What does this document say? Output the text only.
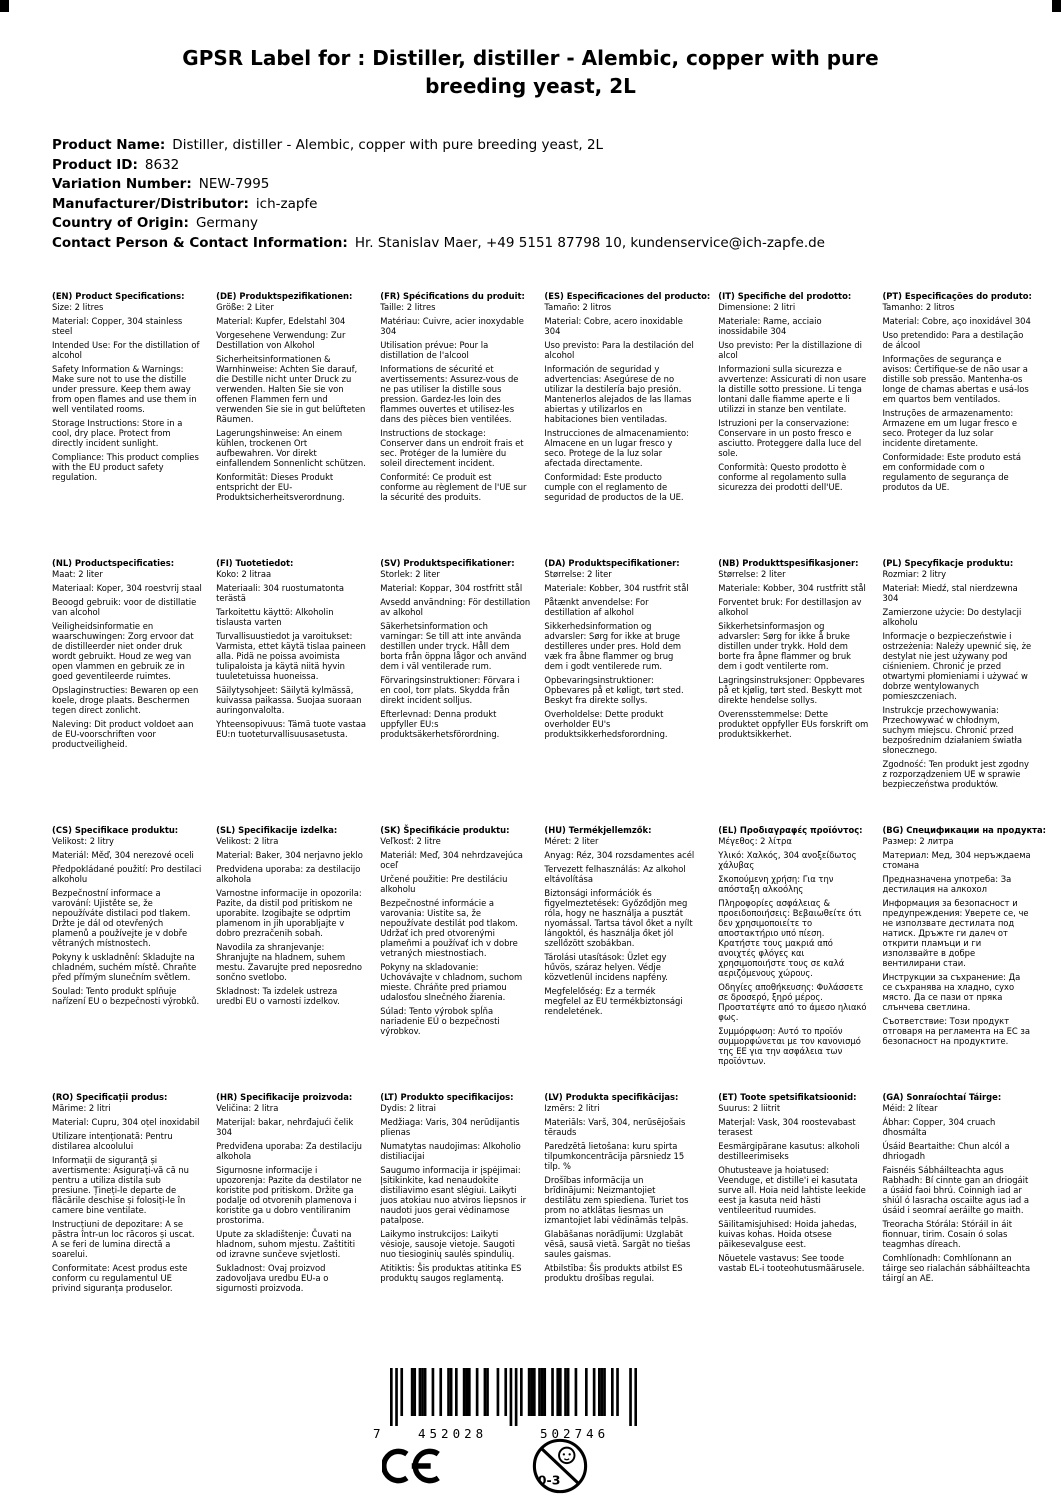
GPSR Label for : Distiller, distiller - Alembic, copper with pure breeding yeast, 2L
Product Name: Distiller, distiller - Alembic, copper with pure breeding yeast, 2L
Product ID: 8632
Variation Number: NEW-7995
Manufacturer/Distributor: ich-zapfe
Country of Origin: Germany
Contact Person & Contact Information: Hr. Stanislav Maer, +49 5151 87798 10, kundenservice@ich-zapfe.de
(EN) Product Specifications:

Size: 2 litres

Material: Copper, 304 stainless steel

Intended Use: For the distillation of alcohol

Safety Information & Warnings: Make sure not to use the distille under pressure. Keep them away from open flames and use them in well ventilated rooms.

Storage Instructions: Store in a cool, dry place. Protect from directly incident sunlight.

Compliance: This product complies with the EU product safety regulation.

(DE) Produktspezifikationen:

Größe: 2 Liter

Material: Kupfer, Edelstahl 304

Vorgesehene Verwendung: Zur Destillation von Alkohol

Sicherheitsinformationen & Warnhinweise: Achten Sie darauf, die Destille nicht unter Druck zu verwenden. Halten Sie sie von offenen Flammen fern und verwenden Sie sie in gut belüfteten Räumen.

Lagerungshinweise: An einem kühlen, trockenen Ort aufbewahren. Vor direkt einfallendem Sonnenlicht schützen.

Konformität: Dieses Produkt entspricht der EU-Produktsicherheitsverordnung.

(FR) Spécifications du produit:

Taille: 2 litres

Matériau: Cuivre, acier inoxydable 304

Utilisation prévue: Pour la distillation de l'alcool

Informations de sécurité et avertissements: Assurez-vous de ne pas utiliser la distille sous pression. Gardez-les loin des flammes ouvertes et utilisez-les dans des pièces bien ventilées.

Instructions de stockage: Conserver dans un endroit frais et sec. Protéger de la lumière du soleil directement incident.

Conformité: Ce produit est conforme au règlement de l'UE sur la sécurité des produits.

(ES) Especificaciones del producto:

Tamaño: 2 litros

Material: Cobre, acero inoxidable 304

Uso previsto: Para la destilación del alcohol

Información de seguridad y advertencias: Asegúrese de no utilizar la destilería bajo presión. Mantenerlos alejados de las llamas abiertas y utilizarlos en habitaciones bien ventiladas.

Instrucciones de almacenamiento: Almacene en un lugar fresco y seco. Protege de la luz solar afectada directamente.

Conformidad: Este producto cumple con el reglamento de seguridad de productos de la UE.

(IT) Specifiche del prodotto:

Dimensione: 2 litri

Materiale: Rame, acciaio inossidabile 304

Uso previsto: Per la distillazione di alcol

Informazioni sulla sicurezza e avvertenze: Assicurati di non usare la distille sotto pressione. Li tenga lontani dalle fiamme aperte e li utilizzi in stanze ben ventilate.

Istruzioni per la conservazione: Conservare in un posto fresco e asciutto. Proteggere dalla luce del sole.

Conformità: Questo prodotto è conforme al regolamento sulla sicurezza dei prodotti dell'UE.

(PT) Especificações do produto:

Tamanho: 2 litros

Material: Cobre, aço inoxidável 304

Uso pretendido: Para a destilação de álcool

Informações de segurança e avisos: Certifique-se de não usar a distille sob pressão. Mantenha-os longe de chamas abertas e usá-los em quartos bem ventilados.

Instruções de armazenamento: Armazene em um lugar fresco e seco. Proteger da luz solar incidente diretamente.

Conformidade: Este produto está em conformidade com o regulamento de segurança de produtos da UE.

(NL) Productspecificaties:

Maat: 2 liter

Materiaal: Koper, 304 roestvrij staal

Beoogd gebruik: voor de distillatie van alcohol

Veiligheidsinformatie en waarschuwingen: Zorg ervoor dat de distilleerder niet onder druk wordt gebruikt. Houd ze weg van open vlammen en gebruik ze in goed geventileerde ruimtes.

Opslaginstructies: Bewaren op een koele, droge plaats. Beschermen tegen direct zonlicht.

Naleving: Dit product voldoet aan de EU-voorschriften voor productveiligheid.

(FI) Tuotetiedot:

Koko: 2 litraa

Materiaali: 304 ruostumatonta terästä

Tarkoitettu käyttö: Alkoholin tislausta varten

Turvallisuustiedot ja varoitukset: Varmista, ettet käytä tislaa paineen alla. Pidä ne poissa avoimista tulipaloista ja käytä niitä hyvin tuuletetuissa huoneissa.

Säilytysohjeet: Säilytä kylmässä, kuivassa paikassa. Suojaa suoraan auringonvalolta.

Yhteensopivuus: Tämä tuote vastaa EU:n tuoteturvallisuusasetusta.

(SV) Produktspecifikationer:

Storlek: 2 liter

Material: Koppar, 304 rostfritt stål

Avsedd användning: För destillation av alkohol

Säkerhetsinformation och varningar: Se till att inte använda destillen under tryck. Håll dem borta från öppna lågor och använd dem i väl ventilerade rum.

Förvaringsinstruktioner: Förvara i en cool, torr plats. Skydda från direkt incident solljus.

Efterlevnad: Denna produkt uppfyller EU:s produktsäkerhetsförordning.

(DA) Produktspecifikationer:

Størrelse: 2 liter

Materiale: Kobber, 304 rustfrit stål

Påtænkt anvendelse: For destillation af alkohol

Sikkerhedsinformation og advarsler: Sørg for ikke at bruge destilleres under pres. Hold dem væk fra åbne flammer og brug dem i godt ventilerede rum.

Opbevaringsinstruktioner: Opbevares på et køligt, tørt sted. Beskyt fra direkte sollys.

Overholdelse: Dette produkt overholder EU's produktsikkerhedsforordning.

(NB) Produkttspesifikasjoner:

Størrelse: 2 liter

Materiale: Kobber, 304 rustfritt stål

Forventet bruk: For destillasjon av alkohol

Sikkerhetsinformasjon og advarsler: Sørg for ikke å bruke distillen under trykk. Hold dem borte fra åpne flammer og bruk dem i godt ventilerte rom.

Lagringsinstruksjoner: Oppbevares på et kjølig, tørt sted. Beskytt mot direkte hendelse sollys.

Overensstemmelse: Dette produktet oppfyller EUs forskrift om produktsikkerhet.

(PL) Specyfikacje produktu:

Rozmiar: 2 litry

Materiał: Miedź, stal nierdzewna 304

Zamierzone użycie: Do destylacji alkoholu

Informacje o bezpieczeństwie i ostrzeżenia: Należy upewnić się, że destylat nie jest używany pod ciśnieniem. Chronić je przed otwartymi płomieniami i używać w dobrze wentylowanych pomieszczeniach.

Instrukcje przechowywania: Przechowywać w chłodnym, suchym miejscu. Chronić przed bezpośrednim działaniem światła słonecznego.

Zgodność: Ten produkt jest zgodny z rozporządzeniem UE w sprawie bezpieczeństwa produktów.

(CS) Specifikace produktu:

Velikost: 2 litry

Materiál: Měď, 304 nerezové oceli

Předpokládané použití: Pro destilaci alkoholu

Bezpečnostní informace a varování: Ujistěte se, že nepoužíváte distilaci pod tlakem. Držte je dál od otevřených plamenů a používejte je v dobře větraných místnostech.

Pokyny k uskladnění: Skladujte na chladném, suchém místě. Chraňte před přímým slunečním světlem.

Soulad: Tento produkt splňuje nařízení EU o bezpečnosti výrobků.

(SL) Specifikacije izdelka:

Velikost: 2 litra

Material: Baker, 304 nerjavno jeklo

Predvidena uporaba: za destilacijo alkohola

Varnostne informacije in opozorila: Pazite, da distil pod pritiskom ne uporabite. Izogibajte se odprtim plamenom in jih uporabljajte v dobro prezračenih sobah.

Navodila za shranjevanje: Shranjujte na hladnem, suhem mestu. Zavarujte pred neposredno sončno svetlobo.

Skladnost: Ta izdelek ustreza uredbi EU o varnosti izdelkov.

(SK) Špecifikácie produktu:

Veľkosť: 2 litre

Materiál: Meď, 304 nehrdzavejúca oceľ

Určené použitie: Pre destiláciu alkoholu

Bezpečnostné informácie a varovania: Uistite sa, že nepoužívate destilát pod tlakom. Udržať ich pred otvorenými plameňmi a používať ich v dobre vetraných miestnostiach.

Pokyny na skladovanie: Uchovávajte v chladnom, suchom mieste. Chráňte pred priamou udalosťou slnečného žiarenia.

Súlad: Tento výrobok spĺňa nariadenie EÚ o bezpečnosti výrobkov.

(HU) Termékjellemzők:

Méret: 2 liter

Anyag: Réz, 304 rozsdamentes acél

Tervezett felhasználás: Az alkohol eltávolítása

Biztonsági információk és figyelmeztetések: Győződjön meg róla, hogy ne használja a pusztát nyomással. Tartsa távol őket a nyílt lángoktól, és használja őket jól szellőzött szobákban.

Tárolási utasítások: Üzlet egy hűvös, száraz helyen. Védje közvetlenül incidens napfény.

Megfelelőség: Ez a termék megfelel az EU termékbiztonsági rendeletének.

(EL) Προδιαγραφές προϊόντος:

Μέγεθος: 2 λίτρα

Υλικό: Χαλκός, 304 ανοξείδωτος χάλυβας

Σκοπούμενη χρήση: Για την απόσταξη αλκοόλης

Πληροφορίες ασφάλειας & προειδοποιήσεις: Βεβαιωθείτε ότι δεν χρησιμοποιείτε το αποστακτήριο υπό πίεση. Κρατήστε τους μακριά από ανοιχτές φλόγες και χρησιμοποιήστε τους σε καλά αεριζόμενους χώρους.

Οδηγίες αποθήκευσης: Φυλάσσετε σε δροσερό, ξηρό μέρος. Προστατέψτε από το άμεσο ηλιακό φως.

Συμμόρφωση: Αυτό το προϊόν συμμορφώνεται με τον κανονισμό της ΕΕ για την ασφάλεια των προϊόντων.

(BG) Спецификации на продукта:

Размер: 2 литра

Материал: Мед, 304 неръждаема стомана

Предназначена употреба: За дестилация на алкохол

Информация за безопасност и предупреждения: Уверете се, че не използвате дестилата под натиск. Дръжте ги далеч от открити пламъци и ги използвайте в добре вентилирани стаи.

Инструкции за съхранение: Да се съхранява на хладно, сухо място. Да се пази от пряка слънчева светлина.

Съответствие: Този продукт отговаря на регламента на ЕС за безопасност на продуктите.

(RO) Specificații produs:

Mărime: 2 litri

Material: Cupru, 304 oțel inoxidabil

Utilizare intenționată: Pentru distilarea alcoolului

Informații de siguranță și avertismente: Asigurați-vă că nu pentru a utiliza distila sub presiune. Țineți-le departe de flăcările deschise și folosiți-le în camere bine ventilate.

Instrucțiuni de depozitare: A se păstra într-un loc răcoros și uscat. A se feri de lumina directă a soarelui.

Conformitate: Acest produs este conform cu regulamentul UE privind siguranța produselor.

(HR) Specifikacije proizvoda:

Veličina: 2 litra

Materijal: bakar, nehrđajući čelik 304

Predviđena uporaba: Za destilaciju alkohola

Sigurnosne informacije i upozorenja: Pazite da destilator ne koristite pod pritiskom. Držite ga podalje od otvorenih plamenova i koristite ga u dobro ventiliranim prostorima.

Upute za skladištenje: Čuvati na hladnom, suhom mjestu. Zaštititi od izravne sunčeve svjetlosti.

Sukladnost: Ovaj proizvod zadovoljava uredbu EU-a o sigurnosti proizvoda.

(LT) Produkto specifikacijos:

Dydis: 2 litrai

Medžiaga: Varis, 304 nerūdijantis plienas

Numatytas naudojimas: Alkoholio distiliacijai

Saugumo informacija ir įspėjimai: Įsitikinkite, kad nenaudokite distiliavimo esant slėgiui. Laikyti juos atokiau nuo atviros liepsnos ir naudoti juos gerai vėdinamose patalpose.

Laikymo instrukcijos: Laikyti vėsioje, sausoje vietoje. Saugoti nuo tiesioginių saulės spindulių.

Atitiktis: Šis produktas atitinka ES produktų saugos reglamentą.

(LV) Produkta specifikācijas:

Izmērs: 2 litri

Materiāls: Varš, 304, nerūsējošais tērauds

Paredzētā lietošana: kuru spirta tilpumkoncentrācija pārsniedz 15 tilp. %

Drošības informācija un brīdinājumi: Neizmantojiet destilātu zem spiediena. Turiet tos prom no atklātas liesmas un izmantojiet labi vēdināmās telpās.

Glabāšanas norādījumi: Uzglabāt vēsā, sausā vietā. Sargāt no tiešas saules gaismas.

Atbilstība: Šis produkts atbilst ES produktu drošības regulai.

(ET) Toote spetsifikatsioonid:

Suurus: 2 liitrit

Materjal: Vask, 304 roostevabast terasest

Eesmärgipärane kasutus: alkoholi destilleerimiseks

Ohutusteave ja hoiatused: Veenduge, et distille'i ei kasutata surve all. Hoia neid lahtiste leekide eest ja kasuta neid hästi ventileeritud ruumides.

Säilitamisjuhised: Hoida jahedas, kuivas kohas. Hoida otsese päikesevalguse eest.

Nõuetele vastavus: See toode vastab EL-i tooteohutusmäärusele.

(GA) Sonraíochtaí Táirge:

Méid: 2 lítear

Ábhar: Copper, 304 cruach dhosmálta

Úsáid Beartaithe: Chun alcól a dhriogadh

Faisnéis Sábháilteachta agus Rabhadh: Bí cinnte gan an driogáit a úsáid faoi bhrú. Coinnigh iad ar shiúl ó lasracha oscailte agus iad a úsáid i seomraí aeráilte go maith.

Treoracha Stórála: Stóráil in áit fionnuar, tirim. Cosain ó solas teagmhas díreach.

Comhlíonadh: Comhlíonann an táirge seo rialachán sábháilteachta táirgí an AE.

7	452028	502746
0-3
